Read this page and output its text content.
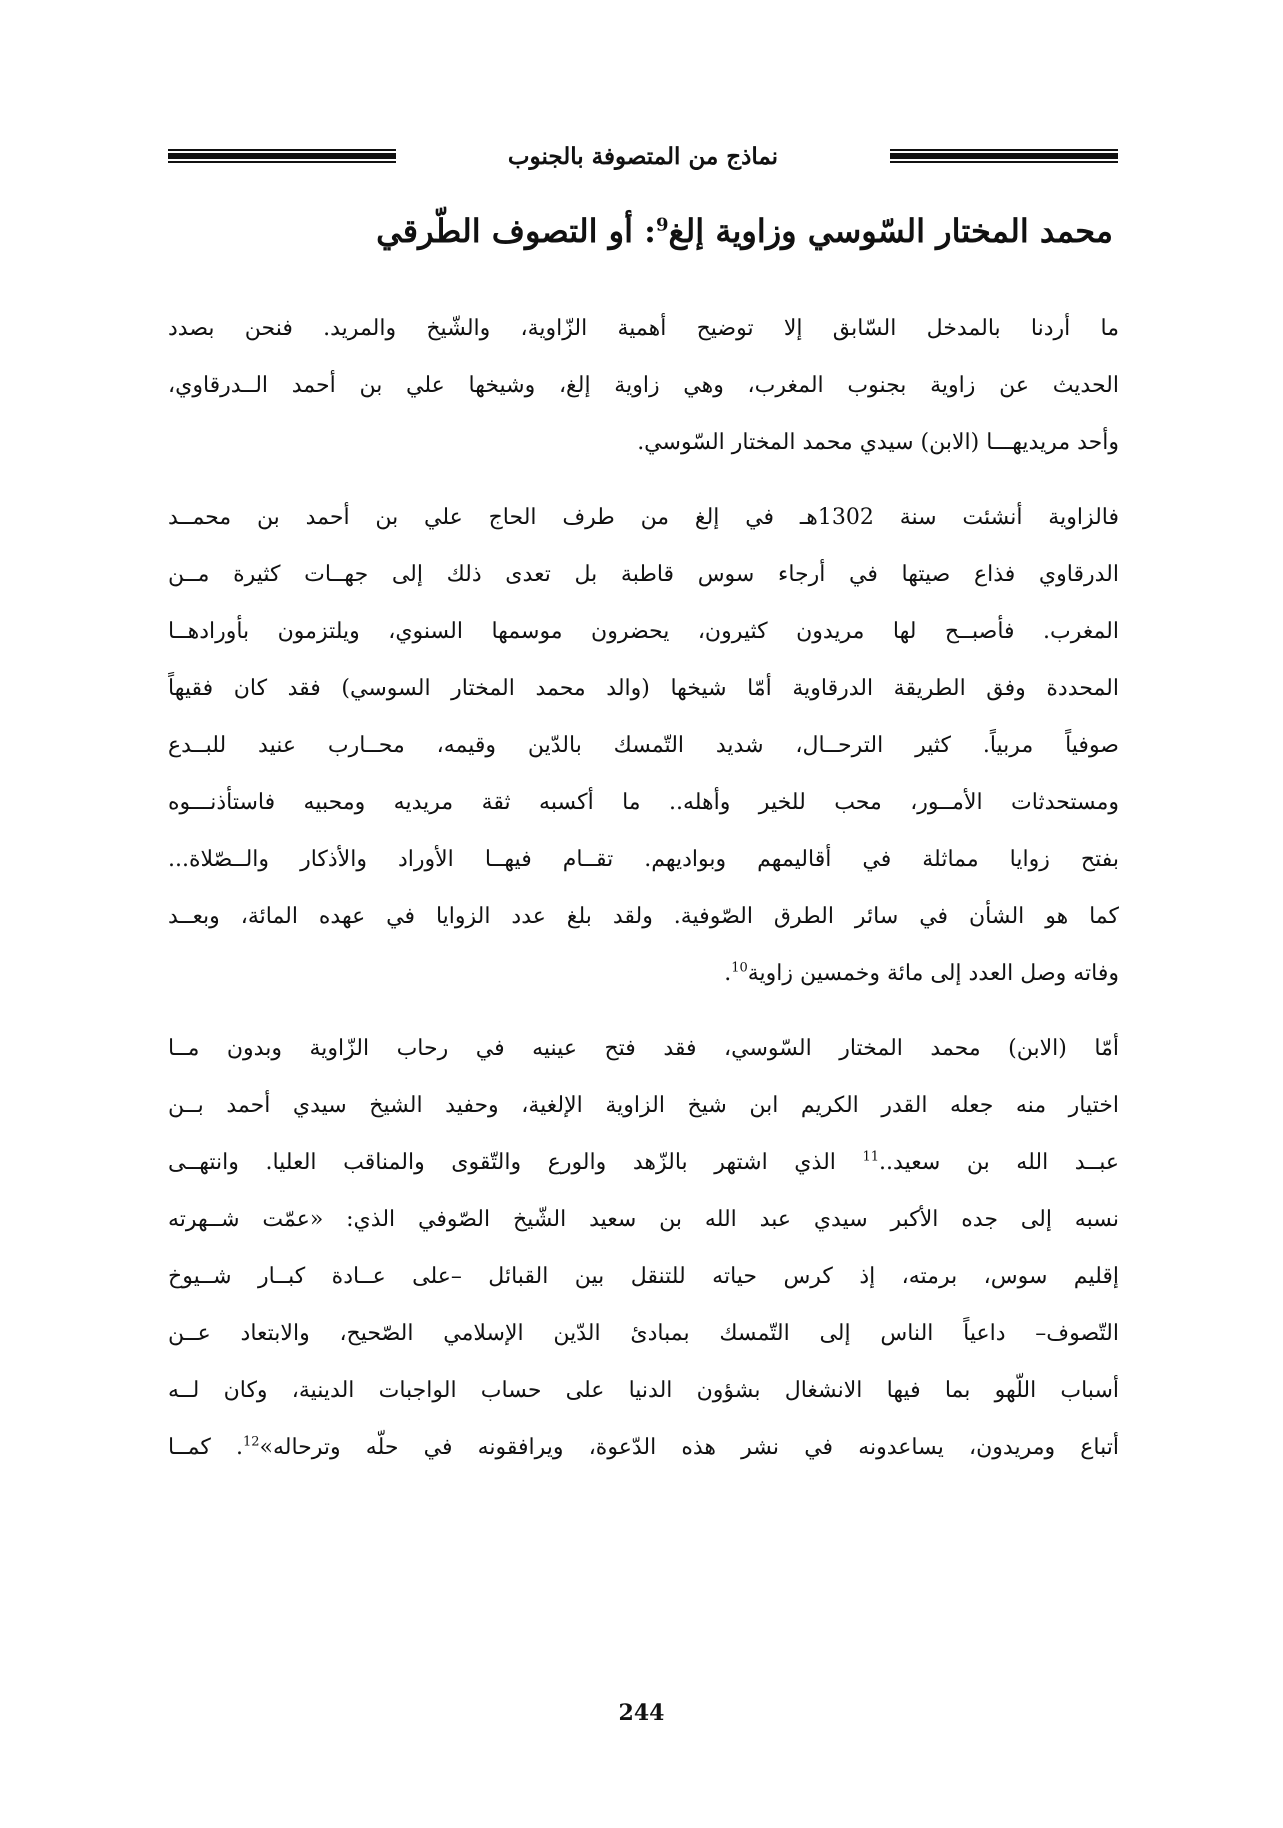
نماذج من المتصوفة بالجنوب
محمد المختار السّوسي وزاوية إلغ$^9$: أو التصوف الطّرقي
ما أردنا بالمدخل السّابق إلا توضيح أهمية الزّاوية، والشّيخ والمريد. فنحن بصدد
الحديث عن زاوية بجنوب المغرب، وهي زاوية إلغ، وشيخها علي بن أحمد الــدرقاوي،
وأحد مريديهـــا (الابن) سيدي محمد المختار السّوسي.
فالزاوية أنشئت سنة 1302هـ في إلغ من طرف الحاج علي بن أحمد بن محمــد
الدرقاوي فذاع صيتها في أرجاء سوس قاطبة بل تعدى ذلك إلى جهــات كثيرة مــن
المغرب. فأصبــح لها مريدون كثيرون، يحضرون موسمها السنوي، ويلتزمون بأورادهــا
المحددة وفق الطريقة الدرقاوية أمّا شيخها (والد محمد المختار السوسي) فقد كان فقيهاً
صوفياً مربياً. كثير الترحــال، شديد التّمسك بالدّين وقيمه، محــارب عنيد للبــدع
ومستحدثات الأمــور، محب للخير وأهله.. ما أكسبه ثقة مريديه ومحبيه فاستأذنـــوه
بفتح زوايا مماثلة في أقاليمهم وبواديهم. تقــام فيهــا الأوراد والأذكار والــصّلاة...
كما هو الشأن في سائر الطرق الصّوفية. ولقد بلغ عدد الزوايا في عهده المائة، وبعــد
وفاته وصل العدد إلى مائة وخمسين زاوية$^{10}$.
أمّا (الابن) محمد المختار السّوسي، فقد فتح عينيه في رحاب الزّاوية وبدون مــا
اختيار منه جعله القدر الكريم ابن شيخ الزاوية الإلغية، وحفيد الشيخ سيدي أحمد بــن
عبــد الله بن سعيد..$^{11}$ الذي اشتهر بالزّهد والورع والتّقوى والمناقب العليا. وانتهــى
نسبه إلى جده الأكبر سيدي عبد الله بن سعيد الشّيخ الصّوفي الذي: «عمّت شــهرته
إقليم سوس، برمته، إذ كرس حياته للتنقل بين القبائل –على عــادة كبــار شــيوخ
التّصوف– داعياً الناس إلى التّمسك بمبادئ الدّين الإسلامي الصّحيح، والابتعاد عــن
أسباب اللّهو بما فيها الانشغال بشؤون الدنيا على حساب الواجبات الدينية، وكان لــه
أتباع ومريدون، يساعدونه في نشر هذه الدّعوة، ويرافقونه في حلّه وترحاله»$^{12}$. كمــا
244
